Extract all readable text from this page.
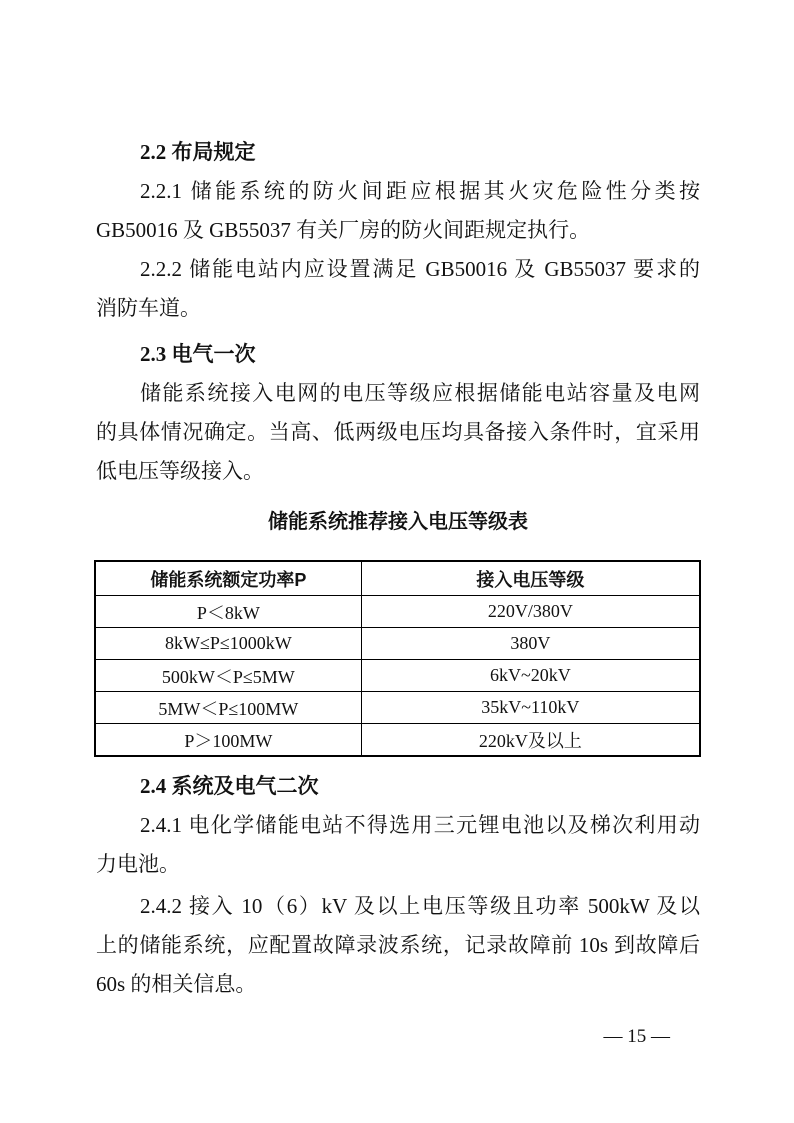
2.2 布局规定
2.2.1 储能系统的防火间距应根据其火灾危险性分类按
GB50016 及 GB55037 有关厂房的防火间距规定执行。
2.2.2 储能电站内应设置满足 GB50016 及 GB55037 要求的
消防车道。
2.3 电气一次
储能系统接入电网的电压等级应根据储能电站容量及电网
的具体情况确定。当高、低两级电压均具备接入条件时，宜采用
低电压等级接入。
储能系统推荐接入电压等级表
储能系统额定功率P	接入电压等级
P＜8kW	220V/380V
8kW≤P≤1000kW	380V
500kW＜P≤5MW	6kV~20kV
5MW＜P≤100MW	35kV~110kV
P＞100MW	220kV及以上
2.4 系统及电气二次
2.4.1 电化学储能电站不得选用三元锂电池以及梯次利用动
力电池。
2.4.2 接入 10（6）kV 及以上电压等级且功率 500kW 及以
上的储能系统，应配置故障录波系统，记录故障前 10s 到故障后
60s 的相关信息。
— 15 —
